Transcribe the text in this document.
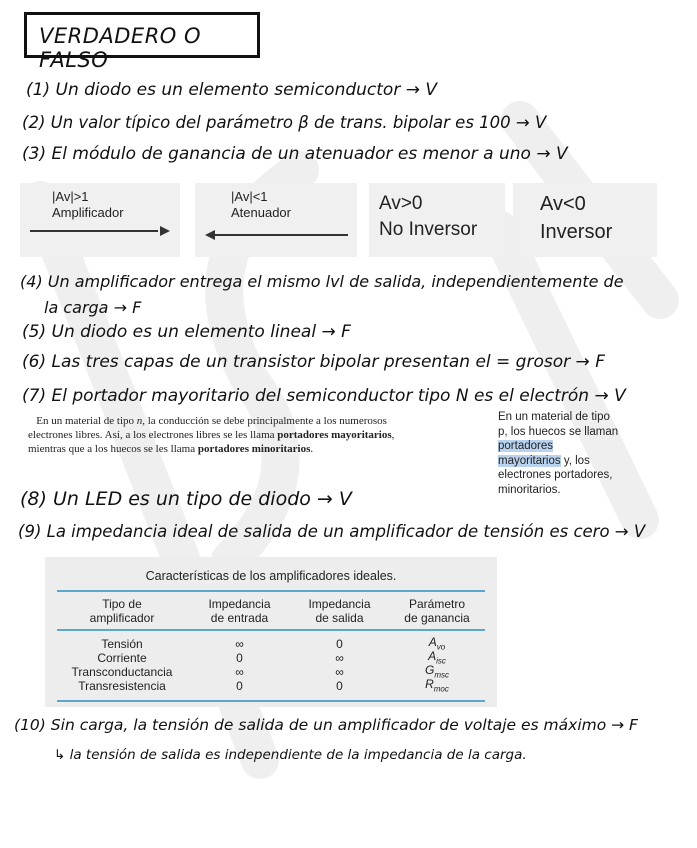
VERDADERO O FALSO
(1) Un diodo es un elemento semiconductor → V
(2) Un valor típico del parámetro β de trans. bipolar es 100 → V
(3) El módulo de ganancia de un atenuador es menor a uno → V
|Av|>1
Amplificador
|Av|<1
Atenuador	Av>0
No Inversor
Av<0
Inversor
(4) Un amplificador entrega el mismo lvl de salida, independientemente de
la carga → F
(5) Un diodo es un elemento lineal → F
(6) Las tres capas de un transistor bipolar presentan el = grosor → F
(7) El portador mayoritario del semiconductor tipo N es el electrón → V
En un material de tipo n, la conducción se debe principalmente a los numerosos
electrones libres. Así, a los electrones libres se les llama portadores mayoritarios,
mientras que a los huecos se les llama portadores minoritarios.
En un material de tipo
p, los huecos se llaman
portadores
mayoritarios y, los
electrones portadores,
minoritarios.
(8) Un LED es un tipo de diodo → V
(9) La impedancia ideal de salida de un amplificador de tensión es cero → V
Características de los amplificadores ideales.
Tipo de
amplificador
Impedancia
de entrada
Impedancia
de salida
Parámetro
de ganancia
Tensión	∞	0	$A_{vo}$
Corriente	0	∞	$A_{isc}$
Transconductancia	∞	∞	$G_{msc}$
Transresistencia	0	0	$R_{moc}$
(10) Sin carga, la tensión de salida de un amplificador de voltaje es máximo → F
↳ la tensión de salida es independiente de la impedancia de la carga.
